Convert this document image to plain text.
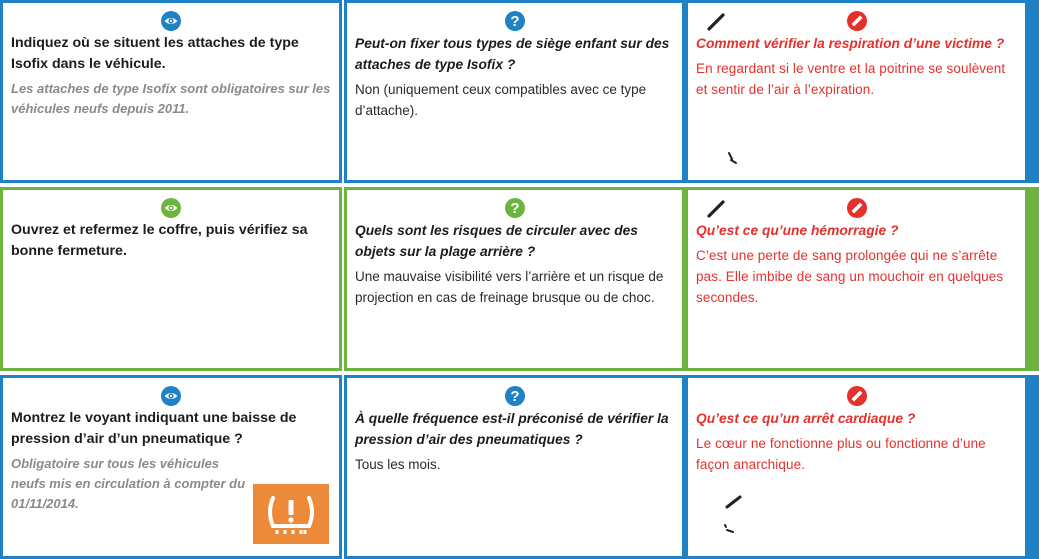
Indiquez où se situent les attaches de type Isofix dans le véhicule.
Les attaches de type Isofix sont obligatoires sur les véhicules neufs depuis 2011.
Peut-on fixer tous types de siège enfant sur des attaches de type Isofix ?
Non (uniquement ceux compatibles avec ce type d’attache).
Comment vérifier la respiration d’une victime ?
En regardant si le ventre et la poitrine se soulèvent et sentir de l’air à l’expiration.
Ouvrez et refermez le coffre, puis vérifiez sa bonne fermeture.
Quels sont les risques de circuler avec des objets sur la plage arrière ?
Une mauvaise visibilité vers l’arrière et un risque de projection en cas de freinage brusque ou de choc.
Qu’est ce qu’une hémorragie ?
C’est une perte de sang prolongée qui ne s’arrête pas. Elle imbibe de sang un mouchoir en quelques secondes.
Montrez le voyant indiquant une baisse de pression d’air d’un pneumatique ?
Obligatoire sur tous les véhicules neufs mis en circulation à compter du 01/11/2014.
À quelle fréquence est-il préconisé de vérifier la pression d’air des pneumatiques ?
Tous les mois.
Qu’est ce qu’un arrêt cardiaque ?
Le cœur ne fonctionne plus ou fonctionne d’une façon anarchique.
